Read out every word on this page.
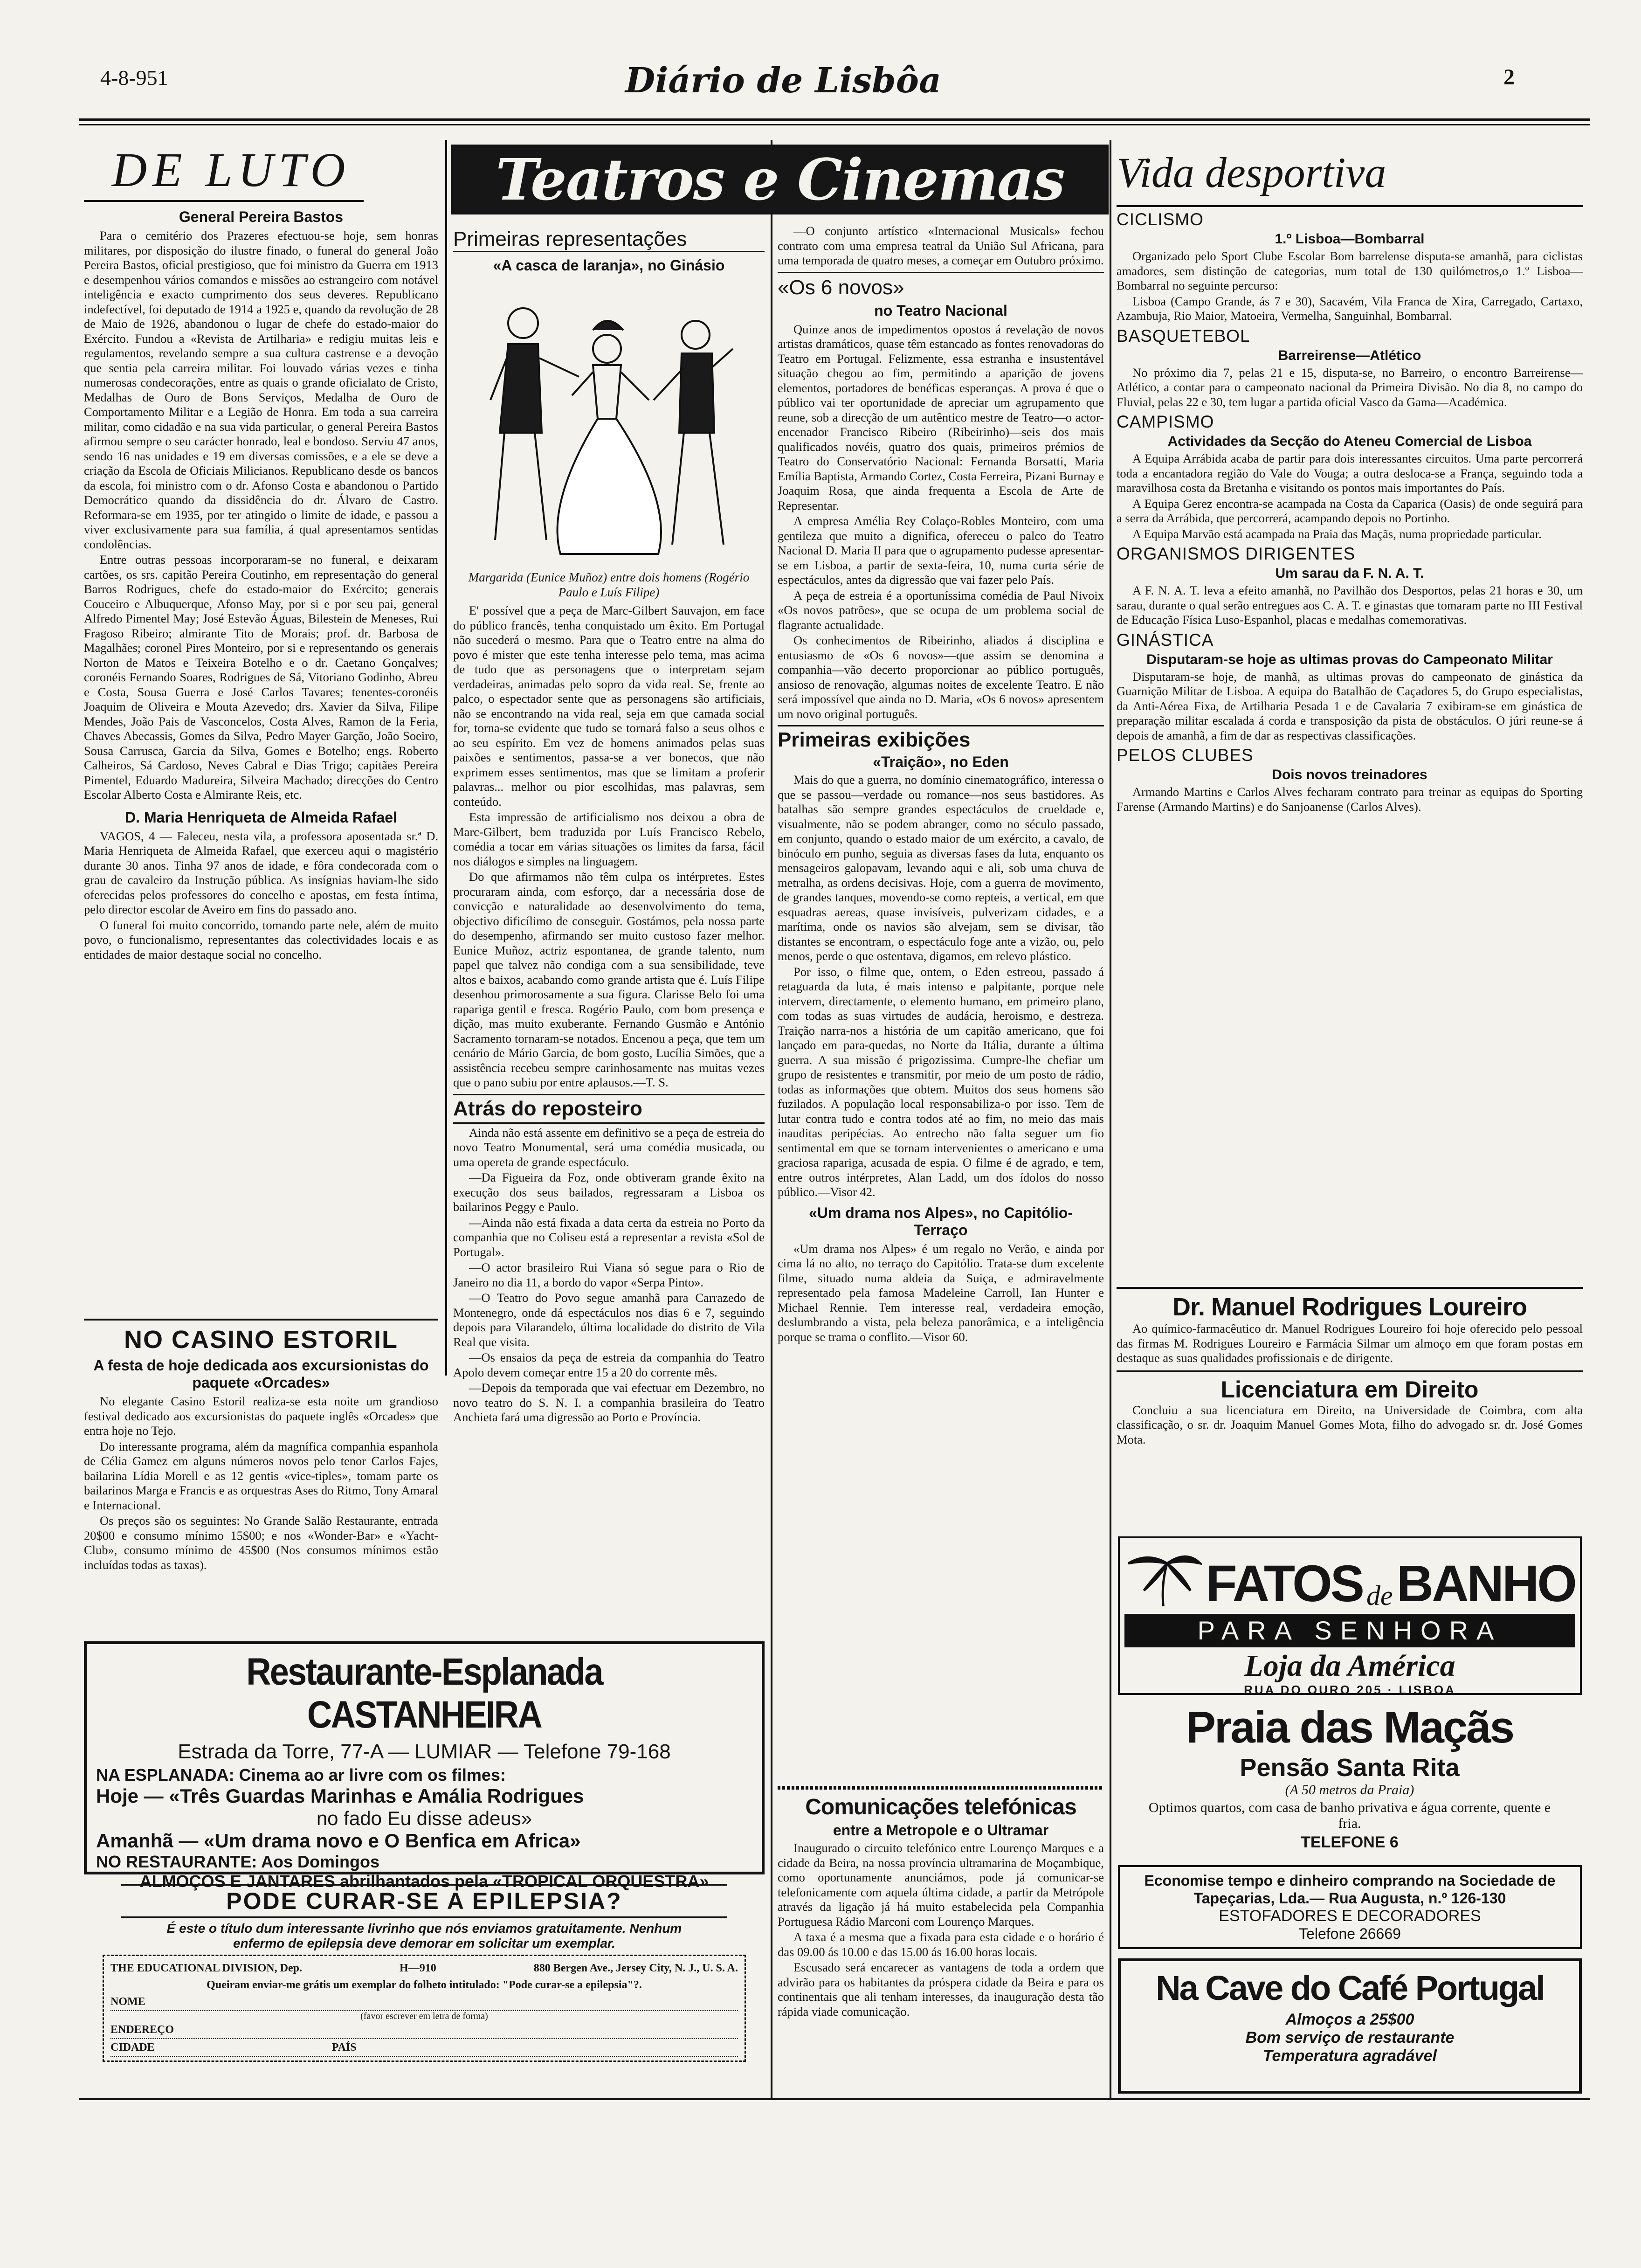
4-8-951	Diário de Lisbôa	2
DE LUTO
General Pereira Bastos

Para o cemitério dos Prazeres efectuou-se hoje, sem honras militares, por disposição do ilustre finado, o funeral do general João Pereira Bastos, oficial prestigioso, que foi ministro da Guerra em 1913 e desempenhou vários comandos e missões ao estrangeiro com notável inteligência e exacto cumprimento dos seus deveres. Republicano indefectível, foi deputado de 1914 a 1925 e, quando da revolução de 28 de Maio de 1926, abandonou o lugar de chefe do estado-maior do Exército. Fundou a «Revista de Artilharia» e redigiu muitas leis e regulamentos, revelando sempre a sua cultura castrense e a devoção que sentia pela carreira militar. Foi louvado várias vezes e tinha numerosas condecorações, entre as quais o grande oficialato de Cristo, Medalhas de Ouro de Bons Serviços, Medalha de Ouro de Comportamento Militar e a Legião de Honra. Em toda a sua carreira militar, como cidadão e na sua vida particular, o general Pereira Bastos afirmou sempre o seu carácter honrado, leal e bondoso. Serviu 47 anos, sendo 16 nas unidades e 19 em diversas comissões, e a ele se deve a criação da Escola de Oficiais Milicianos. Republicano desde os bancos da escola, foi ministro com o dr. Afonso Costa e abandonou o Partido Democrático quando da dissidência do dr. Álvaro de Castro. Reformara-se em 1935, por ter atingido o limite de idade, e passou a viver exclusivamente para sua família, á qual apresentamos sentidas condolências.

Entre outras pessoas incorporaram-se no funeral, e deixaram cartões, os srs. capitão Pereira Coutinho, em representação do general Barros Rodrigues, chefe do estado-maior do Exército; generais Couceiro e Albuquerque, Afonso May, por si e por seu pai, general Alfredo Pimentel May; José Estevão Águas, Bilestein de Meneses, Rui Fragoso Ribeiro; almirante Tito de Morais; prof. dr. Barbosa de Magalhães; coronel Pires Monteiro, por si e representando os generais Norton de Matos e Teixeira Botelho e o dr. Caetano Gonçalves; coronéis Fernando Soares, Rodrigues de Sá, Vitoriano Godinho, Abreu e Costa, Sousa Guerra e José Carlos Tavares; tenentes-coronéis Joaquim de Oliveira e Mouta Azevedo; drs. Xavier da Silva, Filipe Mendes, João Pais de Vasconcelos, Costa Alves, Ramon de la Feria, Chaves Abecassis, Gomes da Silva, Pedro Mayer Garção, João Soeiro, Sousa Carrusca, Garcia da Silva, Gomes e Botelho; engs. Roberto Calheiros, Sá Cardoso, Neves Cabral e Dias Trigo; capitães Pereira Pimentel, Eduardo Madureira, Silveira Machado; direcções do Centro Escolar Alberto Costa e Almirante Reis, etc.

D. Maria Henriqueta de Almeida Rafael

VAGOS, 4 — Faleceu, nesta vila, a professora aposentada sr.ª D. Maria Henriqueta de Almeida Rafael, que exerceu aqui o magistério durante 30 anos. Tinha 97 anos de idade, e fôra condecorada com o grau de cavaleiro da Instrução pública. As insígnias haviam-lhe sido oferecidas pelos professores do concelho e apostas, em festa íntima, pelo director escolar de Aveiro em fins do passado ano.

O funeral foi muito concorrido, tomando parte nele, além de muito povo, o funcionalismo, representantes das colectividades locais e as entidades de maior destaque social no concelho.

NO CASINO ESTORIL
A festa de hoje dedicada aos excursionistas do paquete «Orcades»

No elegante Casino Estoril realiza-se esta noite um grandioso festival dedicado aos excursionistas do paquete inglês «Orcades» que entra hoje no Tejo.

Do interessante programa, além da magnífica companhia espanhola de Célia Gamez em alguns números novos pelo tenor Carlos Fajes, bailarina Lídia Morell e as 12 gentis «vice-tiples», tomam parte os bailarinos Marga e Francis e as orquestras Ases do Ritmo, Tony Amaral e Internacional.

Os preços são os seguintes: No Grande Salão Restaurante, entrada 20$00 e consumo mínimo 15$00; e nos «Wonder-Bar» e «Yacht-Club», consumo mínimo de 45$00 (Nos consumos mínimos estão incluídas todas as taxas).

Teatros e Cinemas
Primeiras representações
«A casca de laranja», no Ginásio
Margarida (Eunice Muñoz) entre dois homens (Rogério Paulo e Luís Filipe)

E' possível que a peça de Marc-Gilbert Sauvajon, em face do público francês, tenha conquistado um êxito. Em Portugal não sucederá o mesmo. Para que o Teatro entre na alma do povo é mister que este tenha interesse pelo tema, mas acima de tudo que as personagens que o interpretam sejam verdadeiras, animadas pelo sopro da vida real. Se, frente ao palco, o espectador sente que as personagens são artificiais, não se encontrando na vida real, seja em que camada social for, torna-se evidente que tudo se tornará falso a seus olhos e ao seu espírito. Em vez de homens animados pelas suas paixões e sentimentos, passa-se a ver bonecos, que não exprimem esses sentimentos, mas que se limitam a proferir palavras... melhor ou pior escolhidas, mas palavras, sem conteúdo.

Esta impressão de artificialismo nos deixou a obra de Marc-Gilbert, bem traduzida por Luís Francisco Rebelo, comédia a tocar em várias situações os limites da farsa, fácil nos diálogos e simples na linguagem.

Do que afirmamos não têm culpa os intérpretes. Estes procuraram ainda, com esforço, dar a necessária dose de convicção e naturalidade ao desenvolvimento do tema, objectivo dificílimo de conseguir. Gostámos, pela nossa parte do desempenho, afirmando ser muito custoso fazer melhor. Eunice Muñoz, actriz espontanea, de grande talento, num papel que talvez não condiga com a sua sensibilidade, teve altos e baixos, acabando como grande artista que é. Luís Filipe desenhou primorosamente a sua figura. Clarisse Belo foi uma rapariga gentil e fresca. Rogério Paulo, com bom presença e dição, mas muito exuberante. Fernando Gusmão e António Sacramento tornaram-se notados. Encenou a peça, que tem um cenário de Mário Garcia, de bom gosto, Lucília Simões, que a assistência recebeu sempre carinhosamente nas muitas vezes que o pano subiu por entre aplausos.—T. S.

Atrás do reposteiro

Ainda não está assente em definitivo se a peça de estreia do novo Teatro Monumental, será uma comédia musicada, ou uma opereta de grande espectáculo.

—Da Figueira da Foz, onde obtiveram grande êxito na execução dos seus bailados, regressaram a Lisboa os bailarinos Peggy e Paulo.

—Ainda não está fixada a data certa da estreia no Porto da companhia que no Coliseu está a representar a revista «Sol de Portugal».

—O actor brasileiro Rui Viana só segue para o Rio de Janeiro no dia 11, a bordo do vapor «Serpa Pinto».

—O Teatro do Povo segue amanhã para Carrazedo de Montenegro, onde dá espectáculos nos dias 6 e 7, seguindo depois para Vilarandelo, última localidade do distrito de Vila Real que visita.

—Os ensaios da peça de estreia da companhia do Teatro Apolo devem começar entre 15 a 20 do corrente mês.

—Depois da temporada que vai efectuar em Dezembro, no novo teatro do S. N. I. a companhia brasileira do Teatro Anchieta fará uma digressão ao Porto e Província.

—O conjunto artístico «Internacional Musicals» fechou contrato com uma empresa teatral da União Sul Africana, para uma temporada de quatro meses, a começar em Outubro próximo.

«Os 6 novos»
no Teatro Nacional

Quinze anos de impedimentos opostos á revelação de novos artistas dramáticos, quase têm estancado as fontes renovadoras do Teatro em Portugal. Felizmente, essa estranha e insustentável situação chegou ao fim, permitindo a aparição de jovens elementos, portadores de benéficas esperanças. A prova é que o público vai ter oportunidade de apreciar um agrupamento que reune, sob a direcção de um autêntico mestre de Teatro—o actor-encenador Francisco Ribeiro (Ribeirinho)—seis dos mais qualificados novéis, quatro dos quais, primeiros prémios de Teatro do Conservatório Nacional: Fernanda Borsatti, Maria Emília Baptista, Armando Cortez, Costa Ferreira, Pizani Burnay e Joaquim Rosa, que ainda frequenta a Escola de Arte de Representar.

A empresa Amélia Rey Colaço-Robles Monteiro, com uma gentileza que muito a dignifica, ofereceu o palco do Teatro Nacional D. Maria II para que o agrupamento pudesse apresentar-se em Lisboa, a partir de sexta-feira, 10, numa curta série de espectáculos, antes da digressão que vai fazer pelo País.

A peça de estreia é a oportuníssima comédia de Paul Nivoix «Os novos patrões», que se ocupa de um problema social de flagrante actualidade.

Os conhecimentos de Ribeirinho, aliados á disciplina e entusiasmo de «Os 6 novos»—que assim se denomina a companhia—vão decerto proporcionar ao público português, ansioso de renovação, algumas noites de excelente Teatro. E não será impossível que ainda no D. Maria, «Os 6 novos» apresentem um novo original português.

Primeiras exibições
«Traição», no Eden

Mais do que a guerra, no domínio cinematográfico, interessa o que se passou—verdade ou romance—nos seus bastidores. As batalhas são sempre grandes espectáculos de crueldade e, visualmente, não se podem abranger, como no século passado, em conjunto, quando o estado maior de um exército, a cavalo, de binóculo em punho, seguia as diversas fases da luta, enquanto os mensageiros galopavam, levando aqui e ali, sob uma chuva de metralha, as ordens decisivas. Hoje, com a guerra de movimento, de grandes tanques, movendo-se como repteis, a vertical, em que esquadras aereas, quase invisíveis, pulverizam cidades, e a marítima, onde os navios são alvejam, sem se divisar, tão distantes se encontram, o espectáculo foge ante a vizão, ou, pelo menos, perde o que ostentava, digamos, em relevo plástico.

Por isso, o filme que, ontem, o Eden estreou, passado á retaguarda da luta, é mais intenso e palpitante, porque nele intervem, directamente, o elemento humano, em primeiro plano, com todas as suas virtudes de audácia, heroismo, e destreza. Traição narra-nos a história de um capitão americano, que foi lançado em para-quedas, no Norte da Itália, durante a última guerra. A sua missão é prigozissima. Cumpre-lhe chefiar um grupo de resistentes e transmitir, por meio de um posto de rádio, todas as informações que obtem. Muitos dos seus homens são fuzilados. A população local responsabiliza-o por isso. Tem de lutar contra tudo e contra todos até ao fim, no meio das mais inauditas peripécias. Ao entrecho não falta seguer um fio sentimental em que se tornam intervenientes o americano e uma graciosa rapariga, acusada de espia. O filme é de agrado, e tem, entre outros intérpretes, Alan Ladd, um dos ídolos do nosso público.—Visor 42.

«Um drama nos Alpes», no Capitólio-Terraço

«Um drama nos Alpes» é um regalo no Verão, e ainda por cima lá no alto, no terraço do Capitólio. Trata-se dum excelente filme, situado numa aldeia da Suiça, e admiravelmente representado pela famosa Madeleine Carroll, Ian Hunter e Michael Rennie. Tem interesse real, verdadeira emoção, deslumbrando a vista, pela beleza panorâmica, e a inteligência porque se trama o conflito.—Visor 60.

Comunicações telefónicas
entre a Metropole e o Ultramar

Inaugurado o circuito telefónico entre Lourenço Marques e a cidade da Beira, na nossa província ultramarina de Moçambique, como oportunamente anunciámos, pode já comunicar-se telefonicamente com aquela última cidade, a partir da Metrópole através da ligação já há muito estabelecida pela Companhia Portuguesa Rádio Marconi com Lourenço Marques.

A taxa é a mesma que a fixada para esta cidade e o horário é das 09.00 ás 10.00 e das 15.00 ás 16.00 horas locais.

Escusado será encarecer as vantagens de toda a ordem que advirão para os habitantes da próspera cidade da Beira e para os continentais que ali tenham interesses, da inauguração desta tão rápida viade comunicação.

Restaurante-Esplanada CASTANHEIRA
Estrada da Torre, 77-A — LUMIAR — Telefone 79-168
NA ESPLANADA: Cinema ao ar livre com os filmes:
Hoje — «Três Guardas Marinhas e Amália Rodrigues
no fado Eu disse adeus»
Amanhã — «Um drama novo e O Benfica em Africa»
NO RESTAURANTE: Aos Domingos
ALMOÇOS E JANTARES abrilhantados pela «TROPICAL ORQUESTRA»
PODE CURAR-SE A EPILEPSIA?
É este o título dum interessante livrinho que nós enviamos gratuitamente. Nenhum enfermo de epilepsia deve demorar em solicitar um exemplar.
THE EDUCATIONAL DIVISION, Dep.	H—910	880 Bergen Ave., Jersey City, N. J., U. S. A.
Queiram enviar-me grátis um exemplar do folheto intitulado: "Pode curar-se a epilepsia"?.
NOME
(favor escrever em letra de forma)
ENDEREÇO
CIDADE	PAÍS
Vida desportiva
CICLISMO
1.º Lisboa—Bombarral

Organizado pelo Sport Clube Escolar Bom barrelense disputa-se amanhã, para ciclistas amadores, sem distinção de categorias, num total de 130 quilómetros,o 1.º Lisboa—Bombarral no seguinte percurso:

Lisboa (Campo Grande, ás 7 e 30), Sacavém, Vila Franca de Xira, Carregado, Cartaxo, Azambuja, Rio Maior, Matoeira, Vermelha, Sanguinhal, Bombarral.

BASQUETEBOL
Barreirense—Atlético

No próximo dia 7, pelas 21 e 15, disputa-se, no Barreiro, o encontro Barreirense—Atlético, a contar para o campeonato nacional da Primeira Divisão. No dia 8, no campo do Fluvial, pelas 22 e 30, tem lugar a partida oficial Vasco da Gama—Académica.

CAMPISMO
Actividades da Secção do Ateneu Comercial de Lisboa

A Equipa Arrábida acaba de partir para dois interessantes circuitos. Uma parte percorrerá toda a encantadora região do Vale do Vouga; a outra desloca-se a França, seguindo toda a maravilhosa costa da Bretanha e visitando os pontos mais importantes do País.

A Equipa Gerez encontra-se acampada na Costa da Caparica (Oasis) de onde seguirá para a serra da Arrábida, que percorrerá, acampando depois no Portinho.

A Equipa Marvão está acampada na Praia das Maçãs, numa propriedade particular.

ORGANISMOS DIRIGENTES
Um sarau da F. N. A. T.

A F. N. A. T. leva a efeito amanhã, no Pavilhão dos Desportos, pelas 21 horas e 30, um sarau, durante o qual serão entregues aos C. A. T. e ginastas que tomaram parte no III Festival de Educação Física Luso-Espanhol, placas e medalhas comemorativas.

GINÁSTICA
Disputaram-se hoje as ultimas provas do Campeonato Militar

Disputaram-se hoje, de manhã, as ultimas provas do campeonato de ginástica da Guarnição Militar de Lisboa. A equipa do Batalhão de Caçadores 5, do Grupo especialistas, da Anti-Aérea Fixa, de Artilharia Pesada 1 e de Cavalaria 7 exibiram-se em ginástica de preparação militar escalada á corda e transposição da pista de obstáculos. O júri reune-se á depois de amanhã, a fim de dar as respectivas classificações.

PELOS CLUBES
Dois novos treinadores

Armando Martins e Carlos Alves fecharam contrato para treinar as equipas do Sporting Farense (Armando Martins) e do Sanjoanense (Carlos Alves).

Dr. Manuel Rodrigues Loureiro

Ao químico-farmacêutico dr. Manuel Rodrigues Loureiro foi hoje oferecido pelo pessoal das firmas M. Rodrigues Loureiro e Farmácia Silmar um almoço em que foram postas em destaque as suas qualidades profissionais e de dirigente.

Licenciatura em Direito

Concluiu a sua licenciatura em Direito, na Universidade de Coimbra, com alta classificação, o sr. dr. Joaquim Manuel Gomes Mota, filho do advogado sr. dr. José Gomes Mota.

FATOS de BANHO
PARA SENHORA
Loja da América
RUA DO OURO 205 · LISBOA
Praia das Maçãs
Pensão Santa Rita
(A 50 metros da Praia)
Optimos quartos, com casa de banho privativa e água corrente, quente e fria.
TELEFONE 6
Economise tempo e dinheiro comprando na Sociedade de Tapeçarias, Lda.— Rua Augusta, n.º 126-130
ESTOFADORES E DECORADORES
Telefone 26669
Na Cave do Café Portugal
Almoços a 25$00
Bom serviço de restaurante
Temperatura agradável
